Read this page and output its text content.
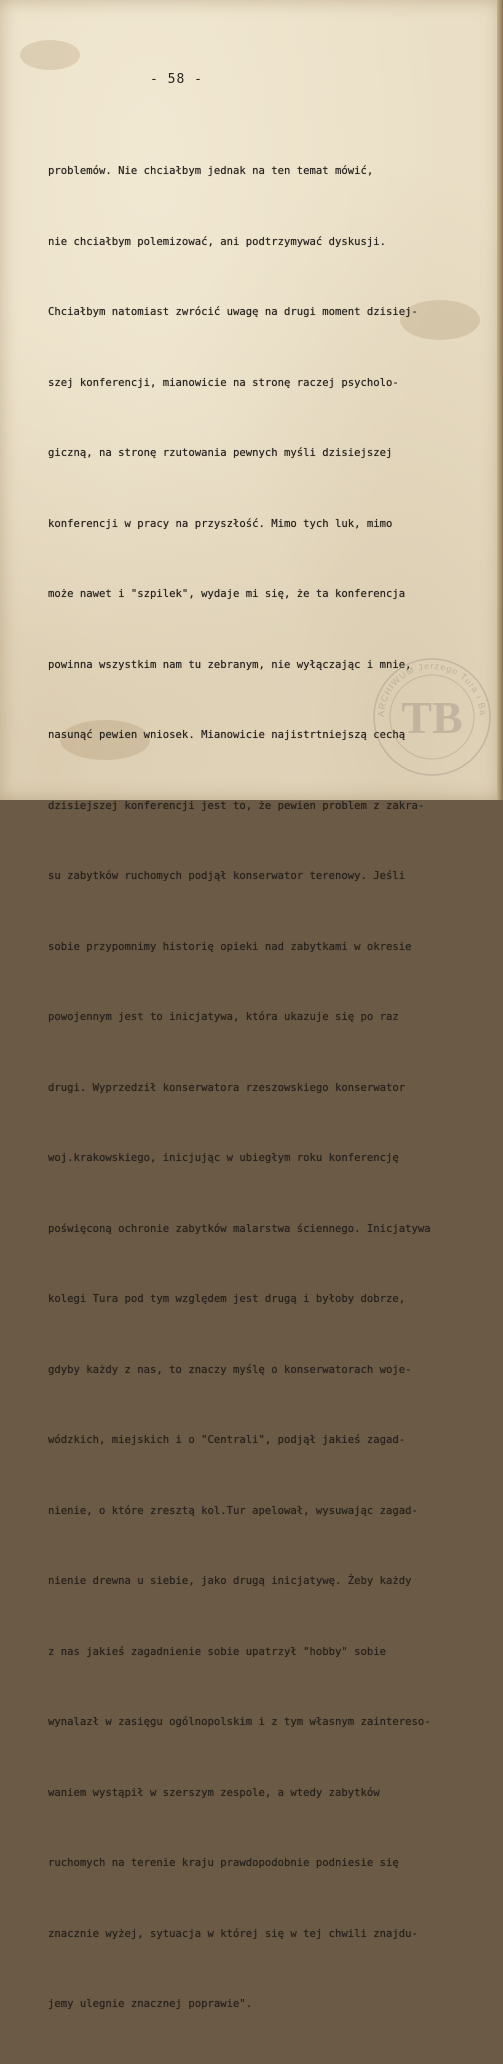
- 58 -

problemów. Nie chciałbym jednak na ten temat mówić,

nie chciałbym polemizować, ani podtrzymywać dyskusji.

Chciałbym natomiast zwrócić uwagę na drugi moment dzisiej-

szej konferencji, mianowicie na stronę raczej psycholo-

giczną, na stronę rzutowania pewnych myśli dzisiejszej

konferencji w pracy na przyszłość. Mimo tych luk, mimo

może nawet i "szpilek", wydaje mi się, że ta konferencja

powinna wszystkim nam tu zebranym, nie wyłączając i mnie,

nasunąć pewien wniosek. Mianowicie najistrtniejszą cechą

dzisiejszej konferencji jest to, że pewien problem z zakra-

su zabytków ruchomych podjął konserwator terenowy. Jeśli

sobie przypomnimy historię opieki nad zabytkami w okresie

powojennym jest to inicjatywa, która ukazuje się po raz

drugi. Wyprzedził konserwatora rzeszowskiego konserwator

woj.krakowskiego, inicjując w ubiegłym roku konferencję

poświęconą ochronie zabytków malarstwa ściennego. Inicjatywa

kolegi Tura pod tym względem jest drugą i byłoby dobrze,

gdyby każdy z nas, to znaczy myślę o konserwatorach woje-

wódzkich, miejskich i o "Centrali", podjął jakieś zagad-

nienie, o które zresztą kol.Tur apelował, wysuwając zagad-

nienie drewna u siebie, jako drugą inicjatywę. Żeby każdy

z nas jakieś zagadnienie sobie upatrzył "hobby" sobie

wynalazł w zasięgu ogólnopolskim i z tym własnym zaintereso-

waniem wystąpił w szerszym zespole, a wtedy zabytków

ruchomych na terenie kraju prawdopodobnie podniesie się

znacznie wyżej, sytuacja w której się w tej chwili znajdu-

jemy ulegnie znacznej poprawie".

ARCHIWUM Jerzego Tura i Ba
TB
